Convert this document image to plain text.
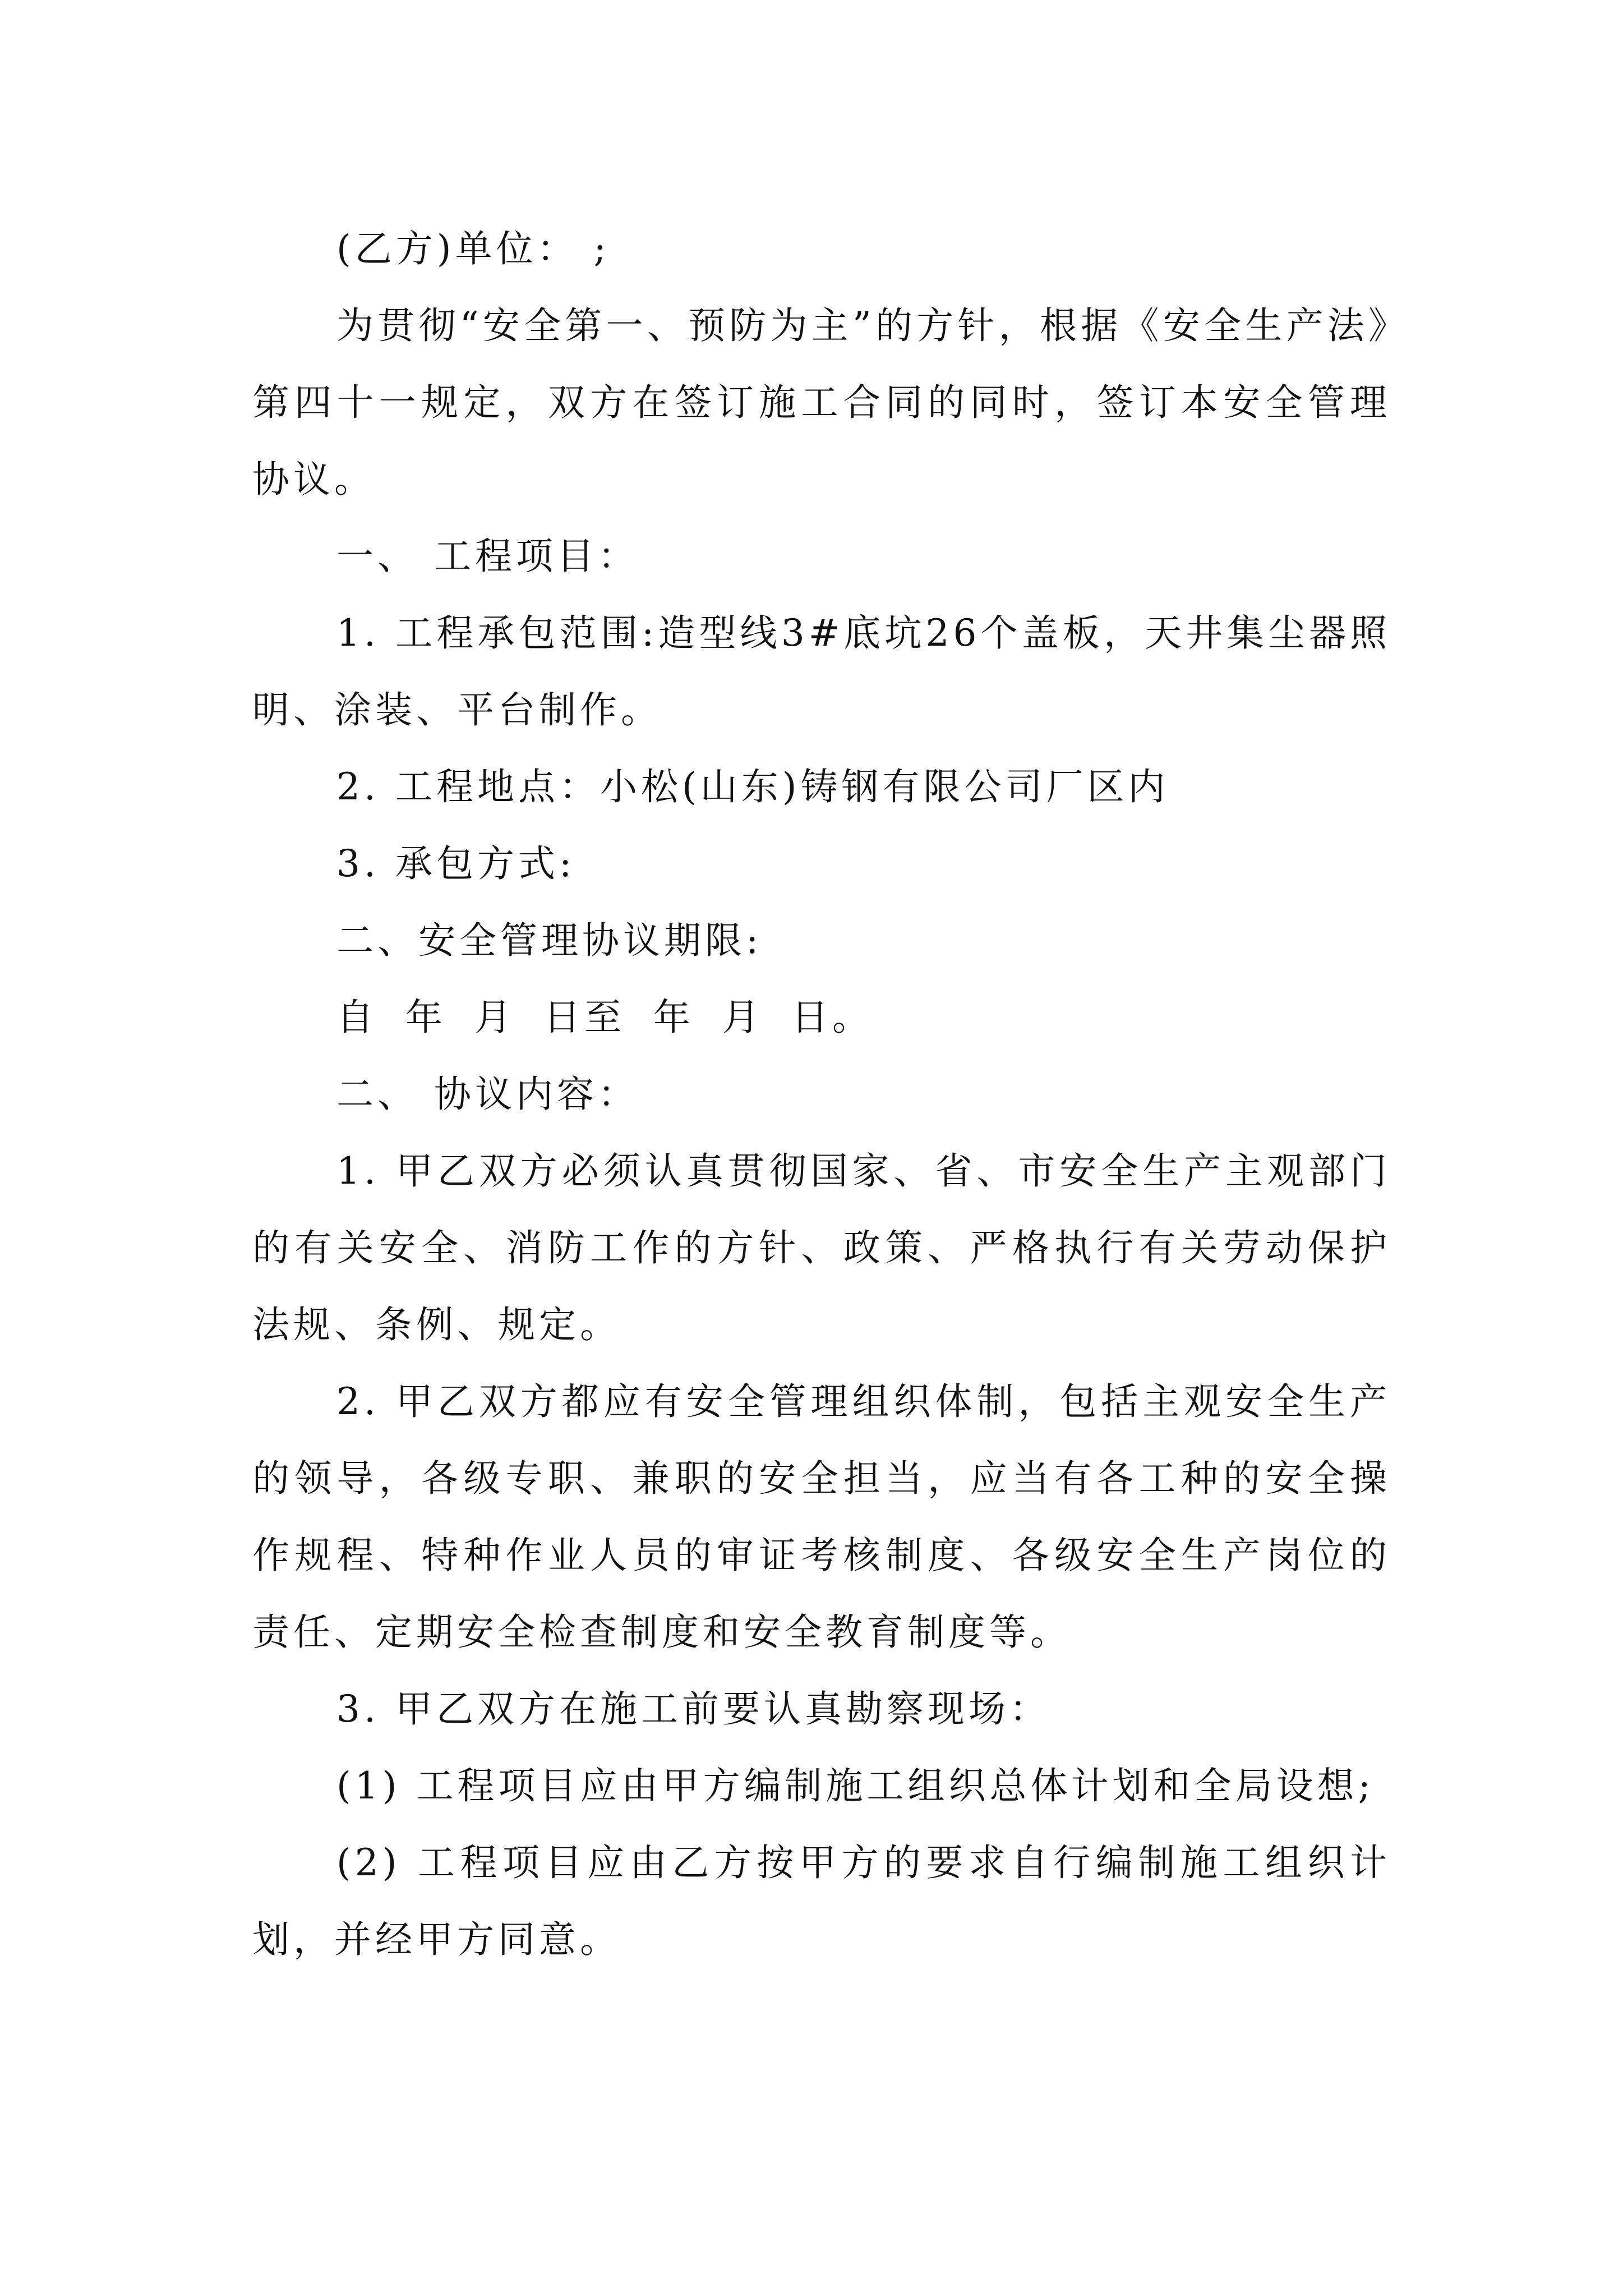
(乙方)单位： ;

为贯彻“安全第一、预防为主”的方针，根据《安全生产法》第四十一规定，双方在签订施工合同的同时，签订本安全管理协议。

一、 工程项目：

1. 工程承包范围:造型线3#底坑26个盖板，天井集尘器照明、涂装、平台制作。

2. 工程地点：小松(山东)铸钢有限公司厂区内

3. 承包方式:

二、安全管理协议期限:

自 年 月 日至 年 月 日。

二、 协议内容：

1. 甲乙双方必须认真贯彻国家、省、市安全生产主观部门的有关安全、消防工作的方针、政策、严格执行有关劳动保护法规、条例、规定。

2. 甲乙双方都应有安全管理组织体制，包括主观安全生产的领导，各级专职、兼职的安全担当，应当有各工种的安全操作规程、特种作业人员的审证考核制度、各级安全生产岗位的责任、定期安全检查制度和安全教育制度等。

3. 甲乙双方在施工前要认真勘察现场：

(1) 工程项目应由甲方编制施工组织总体计划和全局设想;

(2) 工程项目应由乙方按甲方的要求自行编制施工组织计划，并经甲方同意。
